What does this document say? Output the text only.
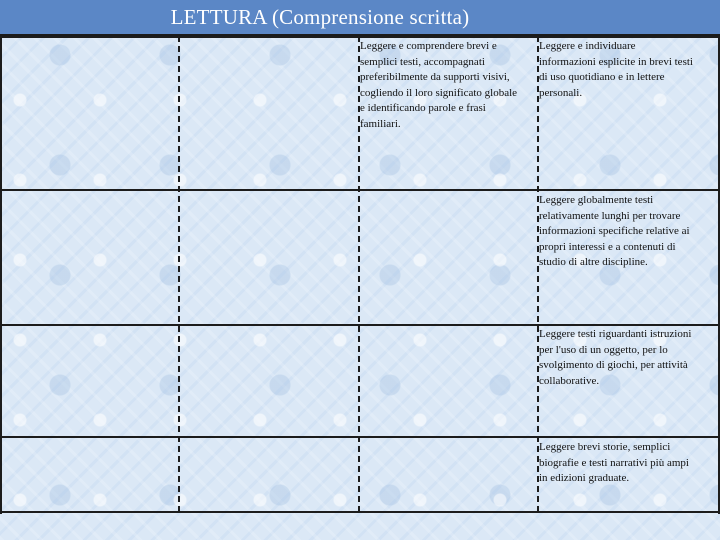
LETTURA (Comprensione scritta)
Leggere e comprendere brevi e
semplici testi, accompagnati
preferibilmente da supporti visivi,
cogliendo il loro significato globale
e identificando parole e frasi
familiari.
Leggere e individuare
informazioni esplicite in brevi testi
di uso quotidiano e in lettere
personali.
Leggere globalmente testi
relativamente lunghi per trovare
informazioni specifiche relative ai
propri interessi e a contenuti di
studio di altre discipline.
Leggere testi riguardanti istruzioni
per l'uso di un oggetto, per lo
svolgimento di giochi, per attività
collaborative.
Leggere brevi storie, semplici
biografie e testi narrativi più ampi
in edizioni graduate.
